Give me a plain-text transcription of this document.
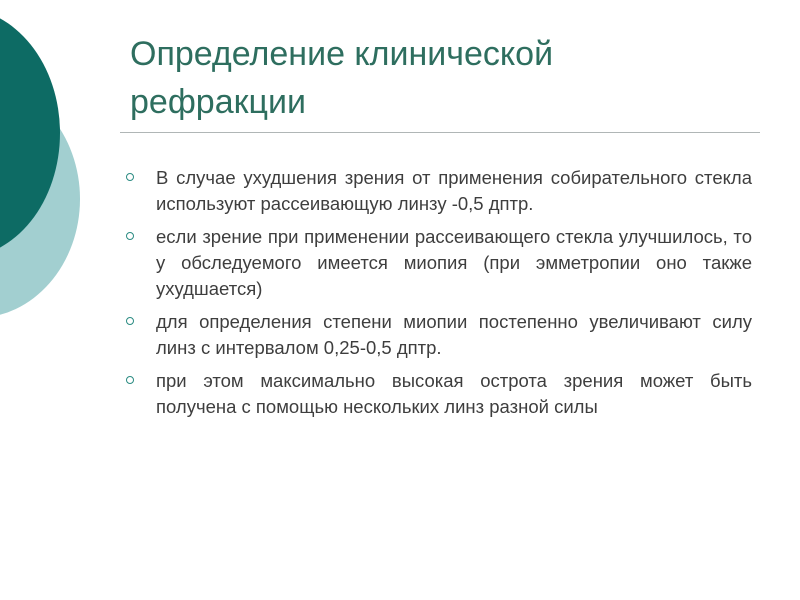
Определение клинической
рефракции
В случае ухудшения зрения от применения собирательного стекла используют рассеивающую линзу -0,5 дптр.
если зрение при применении рассеивающего стекла улучшилось, то у обследуемого имеется миопия (при эмметропии оно также ухудшается)
для определения степени миопии постепенно увеличивают силу линз с интервалом 0,25-0,5 дптр.
при этом максимально высокая острота зрения может быть получена с помощью нескольких линз разной силы
